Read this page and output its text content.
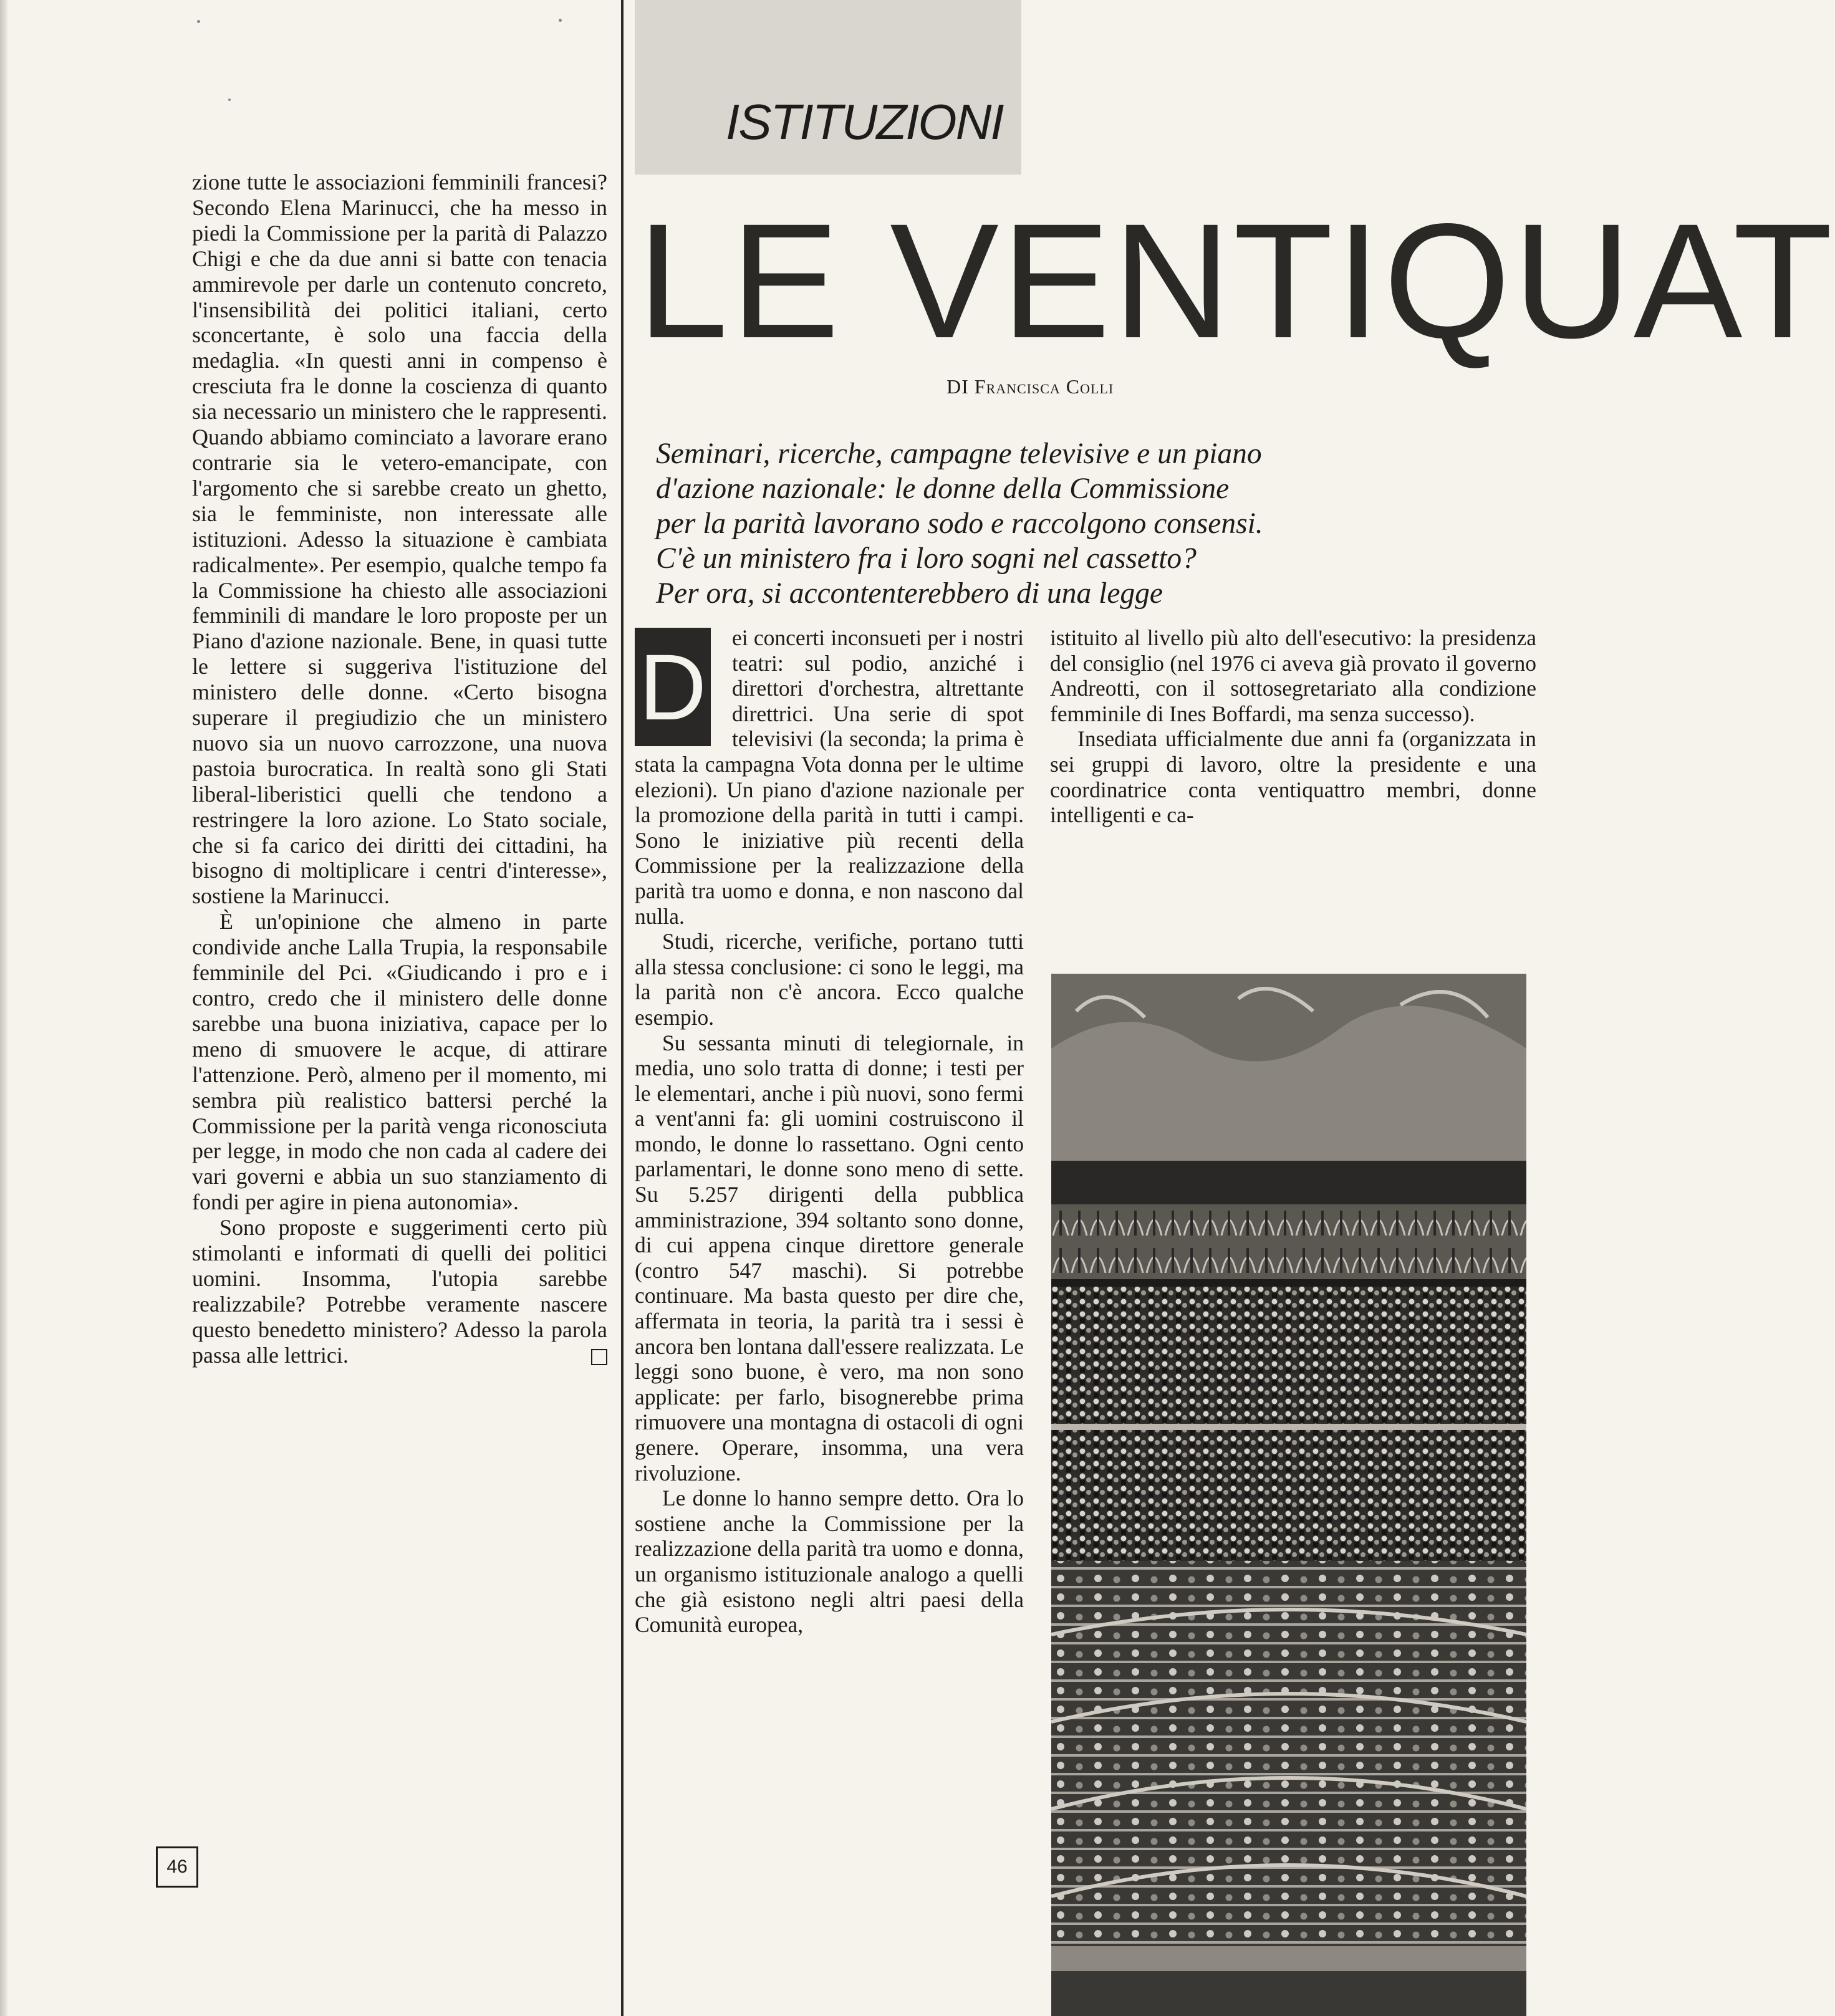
zione tutte le associazioni femminili francesi? Secondo Elena Marinucci, che ha messo in piedi la Commissione per la parità di Palazzo Chigi e che da due anni si batte con tenacia ammirevole per darle un contenuto concreto, l'insensibilità dei politici italiani, certo sconcertante, è solo una faccia della medaglia. «In questi anni in compenso è cresciuta fra le donne la coscienza di quanto sia necessario un ministero che le rappresenti. Quando abbiamo cominciato a lavorare erano contrarie sia le vetero-emancipate, con l'argomento che si sarebbe creato un ghetto, sia le femministe, non interessate alle istituzioni. Adesso la situazione è cambiata radicalmente». Per esempio, qualche tempo fa la Commissione ha chiesto alle associazioni femminili di mandare le loro proposte per un Piano d'azione nazionale. Bene, in quasi tutte le lettere si suggeriva l'istituzione del ministero delle donne. «Certo bisogna superare il pregiudizio che un ministero nuovo sia un nuovo carrozzone, una nuova pastoia burocratica. In realtà sono gli Stati liberal-liberistici quelli che tendono a restringere la loro azione. Lo Stato sociale, che si fa carico dei diritti dei cittadini, ha bisogno di moltiplicare i centri d'interesse», sostiene la Marinucci.

È un'opinione che almeno in parte condivide anche Lalla Trupia, la responsabile femminile del Pci. «Giudicando i pro e i contro, credo che il ministero delle donne sarebbe una buona iniziativa, capace per lo meno di smuovere le acque, di attirare l'attenzione. Però, almeno per il momento, mi sembra più realistico battersi perché la Commissione per la parità venga riconosciuta per legge, in modo che non cada al cadere dei vari governi e abbia un suo stanziamento di fondi per agire in piena autonomia».

Sono proposte e suggerimenti certo più stimolanti e informati di quelli dei politici uomini. Insomma, l'utopia sarebbe realizzabile? Potrebbe veramente nascere questo benedetto ministero? Adesso la parola passa alle lettrici.

46
ISTITUZIONI
LE VENTIQUAT
DI Francisca Colli
Seminari, ricerche, campagne televisive e un piano
d'azione nazionale: le donne della Commissione
per la parità lavorano sodo e raccolgono consensi.
C'è un ministero fra i loro sogni nel cassetto?
Per ora, si accontenterebbero di una legge
D	ei concerti inconsueti per i nostri teatri: sul podio, anziché i direttori d'orchestra, altrettante direttrici. Una serie di spot televisivi (la seconda; la prima è stata la campagna Vota donna per le ultime elezioni). Un piano d'azione nazionale per la promozione della parità in tutti i campi. Sono le iniziative più recenti della Commissione per la realizzazione della parità tra uomo e donna, e non nascono dal nulla.

Studi, ricerche, verifiche, portano tutti alla stessa conclusione: ci sono le leggi, ma la parità non c'è ancora. Ecco qualche esempio.

Su sessanta minuti di telegiornale, in media, uno solo tratta di donne; i testi per le elementari, anche i più nuovi, sono fermi a vent'anni fa: gli uomini costruiscono il mondo, le donne lo rassettano. Ogni cento parlamentari, le donne sono meno di sette. Su 5.257 dirigenti della pubblica amministrazione, 394 soltanto sono donne, di cui appena cinque direttore generale (contro 547 maschi). Si potrebbe continuare. Ma basta questo per dire che, affermata in teoria, la parità tra i sessi è ancora ben lontana dall'essere realizzata. Le leggi sono buone, è vero, ma non sono applicate: per farlo, bisognerebbe prima rimuovere una montagna di ostacoli di ogni genere. Operare, insomma, una vera rivoluzione.

Le donne lo hanno sempre detto. Ora lo sostiene anche la Commissione per la realizzazione della parità tra uomo e donna, un organismo istituzionale analogo a quelli che già esistono negli altri paesi della Comunità europea,

istituito al livello più alto dell'esecutivo: la presidenza del consiglio (nel 1976 ci aveva già provato il governo Andreotti, con il sottosegretariato alla condizione femminile di Ines Boffardi, ma senza successo).

Insediata ufficialmente due anni fa (organizzata in sei gruppi di lavoro, oltre la presidente e una coordinatrice conta ventiquattro membri, donne intelligenti e ca-
